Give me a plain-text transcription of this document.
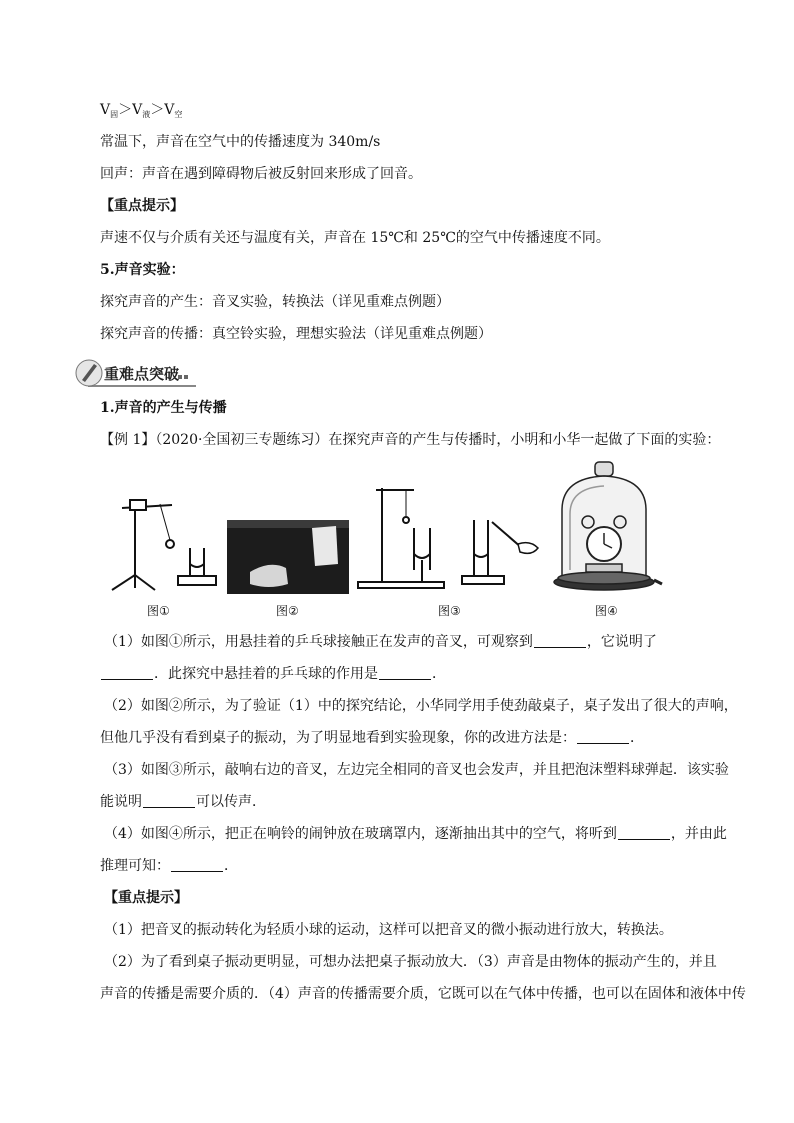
$V_固>V_液>V_空$
常温下，声音在空气中的传播速度为 340m/s
回声：声音在遇到障碍物后被反射回来形成了回音。
【重点提示】
声速不仅与介质有关还与温度有关，声音在 15℃和 25℃的空气中传播速度不同。
5.声音实验：
探究声音的产生：音叉实验，转换法（详见重难点例题）
探究声音的传播：真空铃实验，理想实验法（详见重难点例题）
重难点突破
1.声音的产生与传播
【例 1】（2020·全国初三专题练习）在探究声音的产生与传播时，小明和小华一起做了下面的实验：
图①	图②	图③	图④
（1）如图①所示，用悬挂着的乒乓球接触正在发声的音叉，可观察到	，它说明了
．此探究中悬挂着的乒乓球的作用是	．
（2）如图②所示，为了验证（1）中的探究结论，小华同学用手使劲敲桌子，桌子发出了很大的声响，
但他几乎没有看到桌子的振动，为了明显地看到实验现象，你的改进方法是：	．
（3）如图③所示，敲响右边的音叉，左边完全相同的音叉也会发声，并且把泡沫塑料球弹起．该实验
能说明	可以传声．
（4）如图④所示，把正在响铃的闹钟放在玻璃罩内，逐渐抽出其中的空气，将听到	，并由此
推理可知：	．
【重点提示】
（1）把音叉的振动转化为轻质小球的运动，这样可以把音叉的微小振动进行放大，转换法。
（2）为了看到桌子振动更明显，可想办法把桌子振动放大．（3）声音是由物体的振动产生的，并且
声音的传播是需要介质的．（4）声音的传播需要介质，它既可以在气体中传播，也可以在固体和液体中传
